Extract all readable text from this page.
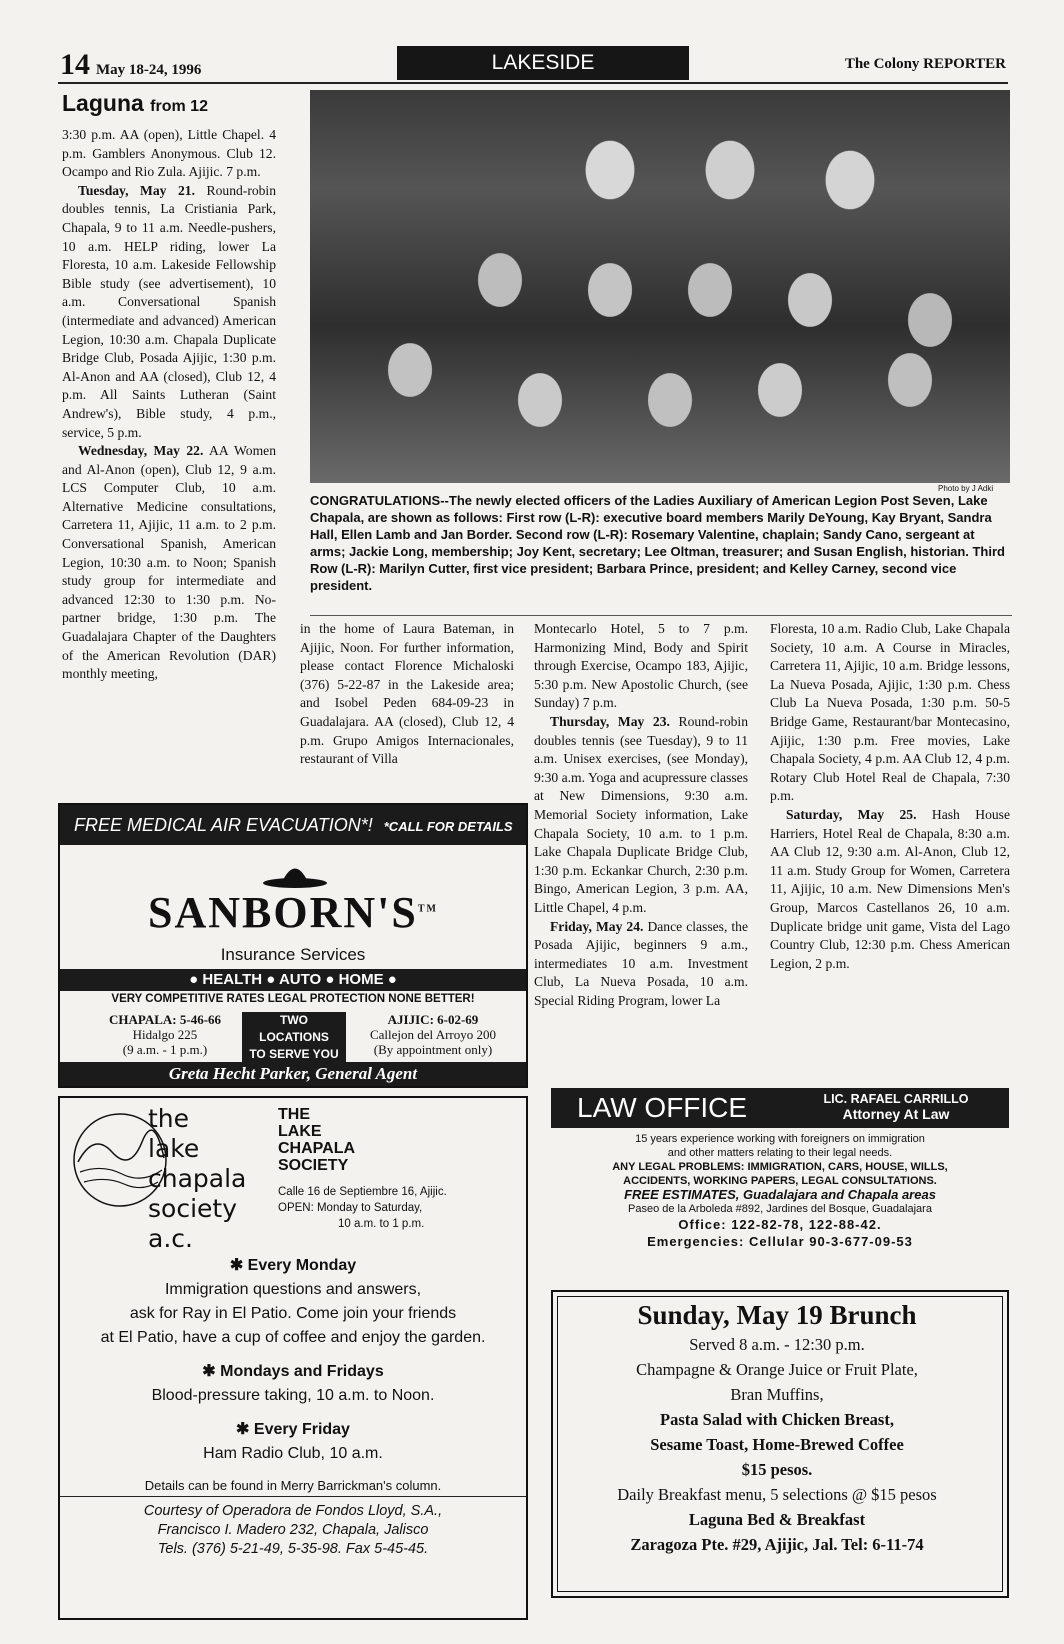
14 May 18-24, 1996	LAKESIDE	The Colony REPORTER
Laguna from 12

3:30 p.m. AA (open), Little Chapel. 4 p.m. Gamblers Anonymous. Club 12. Ocampo and Rio Zula. Ajijic. 7 p.m.

Tuesday, May 21. Round-robin doubles tennis, La Cristiania Park, Chapala, 9 to 11 a.m. Needle-pushers, 10 a.m. HELP riding, lower La Floresta, 10 a.m. Lakeside Fellowship Bible study (see advertisement), 10 a.m. Conversational Spanish (intermediate and advanced) American Legion, 10:30 a.m. Chapala Duplicate Bridge Club, Posada Ajijic, 1:30 p.m. Al-Anon and AA (closed), Club 12, 4 p.m. All Saints Lutheran (Saint Andrew's), Bible study, 4 p.m., service, 5 p.m.

Wednesday, May 22. AA Women and Al-Anon (open), Club 12, 9 a.m. LCS Computer Club, 10 a.m. Alternative Medicine consultations, Carretera 11, Ajijic, 11 a.m. to 2 p.m. Conversational Spanish, American Legion, 10:30 a.m. to Noon; Spanish study group for intermediate and advanced 12:30 to 1:30 p.m. No-partner bridge, 1:30 p.m. The Guadalajara Chapter of the Daughters of the American Revolution (DAR) monthly meeting,

Photo by J Adki
CONGRATULATIONS--The newly elected officers of the Ladies Auxiliary of American Legion Post Seven, Lake Chapala, are shown as follows: First row (L-R): executive board members Marily DeYoung, Kay Bryant, Sandra Hall, Ellen Lamb and Jan Border. Second row (L-R): Rosemary Valentine, chaplain; Sandy Cano, sergeant at arms; Jackie Long, membership; Joy Kent, secretary; Lee Oltman, treasurer; and Susan English, historian. Third Row (L-R): Marilyn Cutter, first vice president; Barbara Prince, president; and Kelley Carney, second vice president.
in the home of Laura Bateman, in Ajijic, Noon. For further information, please contact Florence Michaloski (376) 5-22-87 in the Lakeside area; and Isobel Peden 684-09-23 in Guadalajara. AA (closed), Club 12, 4 p.m. Grupo Amigos Internacionales, restaurant of Villa

Montecarlo Hotel, 5 to 7 p.m. Harmonizing Mind, Body and Spirit through Exercise, Ocampo 183, Ajijic, 5:30 p.m. New Apostolic Church, (see Sunday) 7 p.m.

Thursday, May 23. Round-robin doubles tennis (see Tuesday), 9 to 11 a.m. Unisex exercises, (see Monday), 9:30 a.m. Yoga and acupressure classes at New Dimensions, 9:30 a.m. Memorial Society information, Lake Chapala Society, 10 a.m. to 1 p.m. Lake Chapala Duplicate Bridge Club, 1:30 p.m. Eckankar Church, 2:30 p.m. Bingo, American Legion, 3 p.m. AA, Little Chapel, 4 p.m.

Friday, May 24. Dance classes, the Posada Ajijic, beginners 9 a.m., intermediates 10 a.m. Investment Club, La Nueva Posada, 10 a.m. Special Riding Program, lower La

Floresta, 10 a.m. Radio Club, Lake Chapala Society, 10 a.m. A Course in Miracles, Carretera 11, Ajijic, 10 a.m. Bridge lessons, La Nueva Posada, Ajijic, 1:30 p.m. Chess Club La Nueva Posada, 1:30 p.m. 50-5 Bridge Game, Restaurant/bar Montecasino, Ajijic, 1:30 p.m. Free movies, Lake Chapala Society, 4 p.m. AA Club 12, 4 p.m. Rotary Club Hotel Real de Chapala, 7:30 p.m.

Saturday, May 25. Hash House Harriers, Hotel Real de Chapala, 8:30 a.m. AA Club 12, 9:30 a.m. Al-Anon, Club 12, 11 a.m. Study Group for Women, Carretera 11, Ajijic, 10 a.m. New Dimensions Men's Group, Marcos Castellanos 26, 10 a.m. Duplicate bridge unit game, Vista del Lago Country Club, 12:30 p.m. Chess American Legion, 2 p.m.

FREE MEDICAL AIR EVACUATION*! *CALL FOR DETAILS
SANBORN'S™
Insurance Services
● HEALTH ● AUTO ● HOME ●
VERY COMPETITIVE RATES LEGAL PROTECTION NONE BETTER!
CHAPALA: 5-46-66
Hidalgo 225
(9 a.m. - 1 p.m.)
TWO
LOCATIONS
TO SERVE YOU
AJIJIC: 6-02-69
Callejon del Arroyo 200
(By appointment only)
Greta Hecht Parker, General Agent
the
lake
chapala
society
a.c.
THE
LAKE
CHAPALA
SOCIETY
Calle 16 de Septiembre 16, Ajijic.
OPEN: Monday to Saturday,
10 a.m. to 1 p.m.
✱ Every Monday
Immigration questions and answers,
ask for Ray in El Patio. Come join your friends
at El Patio, have a cup of coffee and enjoy the garden.
✱ Mondays and Fridays
Blood-pressure taking, 10 a.m. to Noon.
✱ Every Friday
Ham Radio Club, 10 a.m.
Details can be found in Merry Barrickman's column.
Courtesy of Operadora de Fondos Lloyd, S.A.,
Francisco I. Madero 232, Chapala, Jalisco
Tels. (376) 5-21-49, 5-35-98. Fax 5-45-45.
LAW OFFICE	LIC. RAFAEL CARRILLO
Attorney At Law
15 years experience working with foreigners on immigration
and other matters relating to their legal needs.
ANY LEGAL PROBLEMS: IMMIGRATION, CARS, HOUSE, WILLS,
ACCIDENTS, WORKING PAPERS, LEGAL CONSULTATIONS.
FREE ESTIMATES, Guadalajara and Chapala areas
Paseo de la Arboleda #892, Jardines del Bosque, Guadalajara
Office: 122-82-78, 122-88-42.
Emergencies: Cellular 90-3-677-09-53
Sunday, May 19 Brunch
Served 8 a.m. - 12:30 p.m.
Champagne & Orange Juice or Fruit Plate,
Bran Muffins,
Pasta Salad with Chicken Breast,
Sesame Toast, Home-Brewed Coffee
$15 pesos.
Daily Breakfast menu, 5 selections @ $15 pesos
Laguna Bed & Breakfast
Zaragoza Pte. #29, Ajijic, Jal. Tel: 6-11-74
